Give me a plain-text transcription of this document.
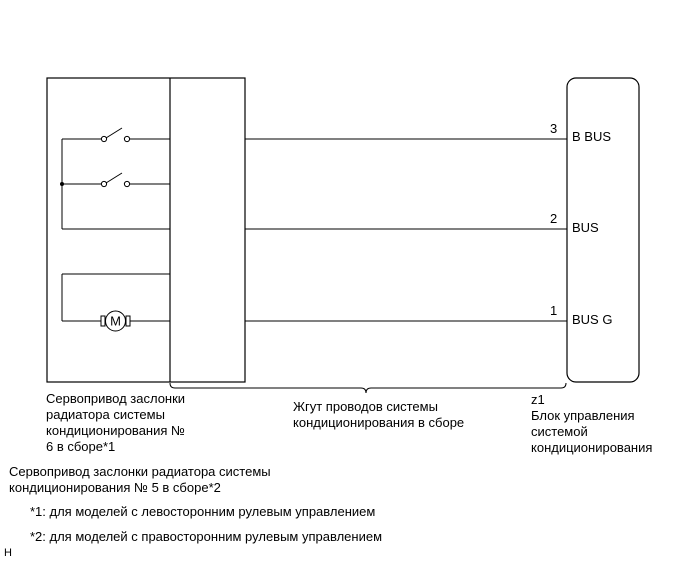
M
3
2
1
B BUS
BUS
BUS G
z1
Сервопривод заслонки
радиатора системы
кондиционирования №
6 в сборе*1
Жгут проводов системы
кондиционирования в сборе	Блок управления
системой
кондиционирования
Сервопривод заслонки радиатора системы
кондиционирования № 5 в сборе*2
*1: для моделей с левосторонним рулевым управлением
*2: для моделей с правосторонним рулевым управлением
H
